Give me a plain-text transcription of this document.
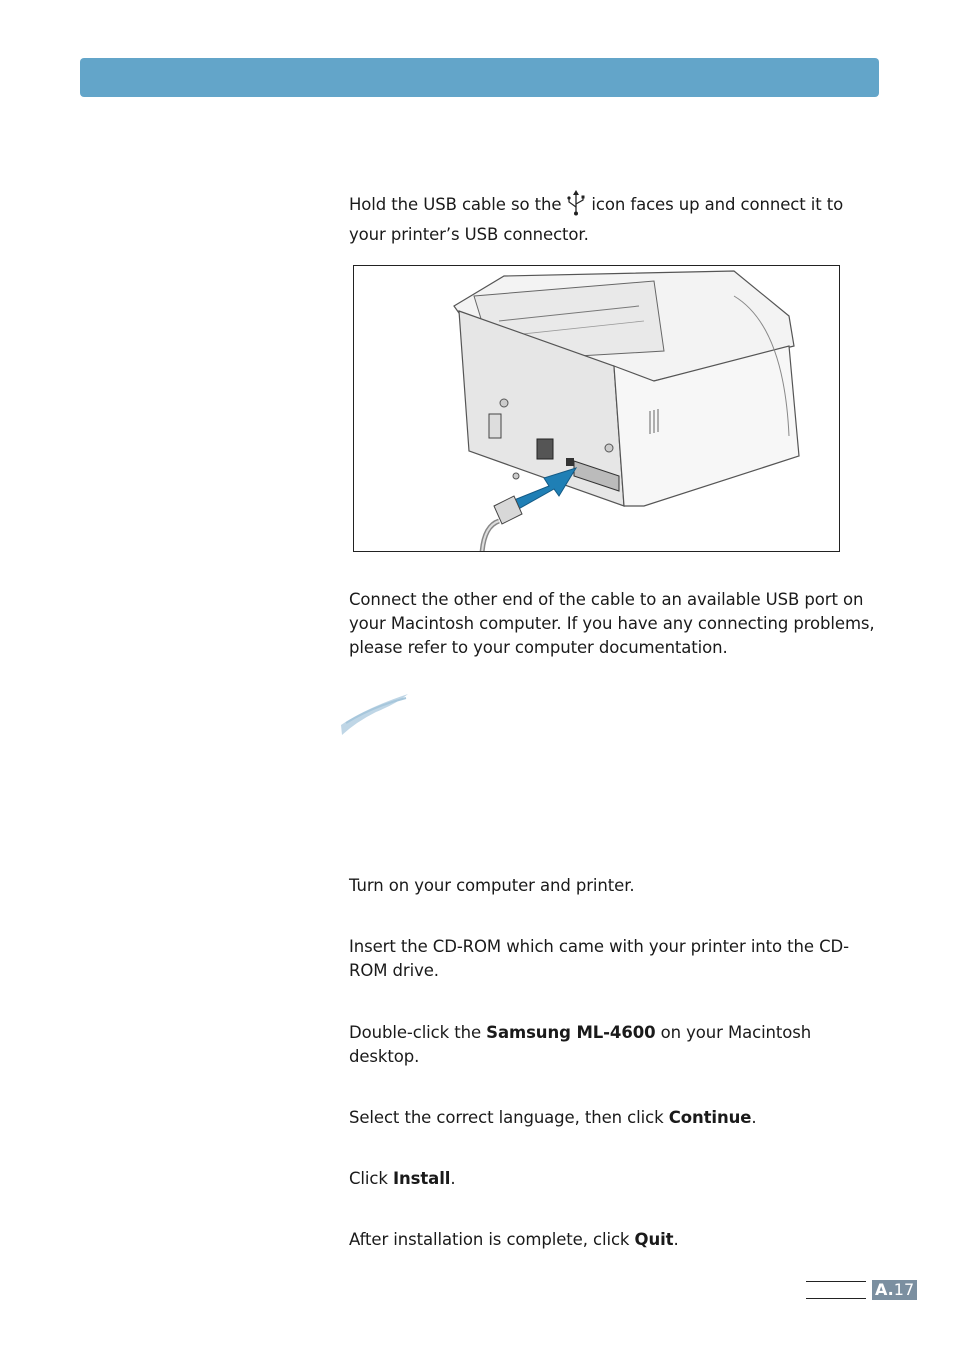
Hold the USB cable so the icon faces up and connect it to your printer’s USB connector.
Connect the other end of the cable to an available USB port on your Macintosh computer. If you have any connecting problems, please refer to your computer documentation.
Turn on your computer and printer.
Insert the CD-ROM which came with your printer into the CD-ROM drive.
Double-click the Samsung ML-4600 on your Macintosh desktop.
Select the correct language, then click Continue.
Click Install.
After installation is complete, click Quit.
A.17
